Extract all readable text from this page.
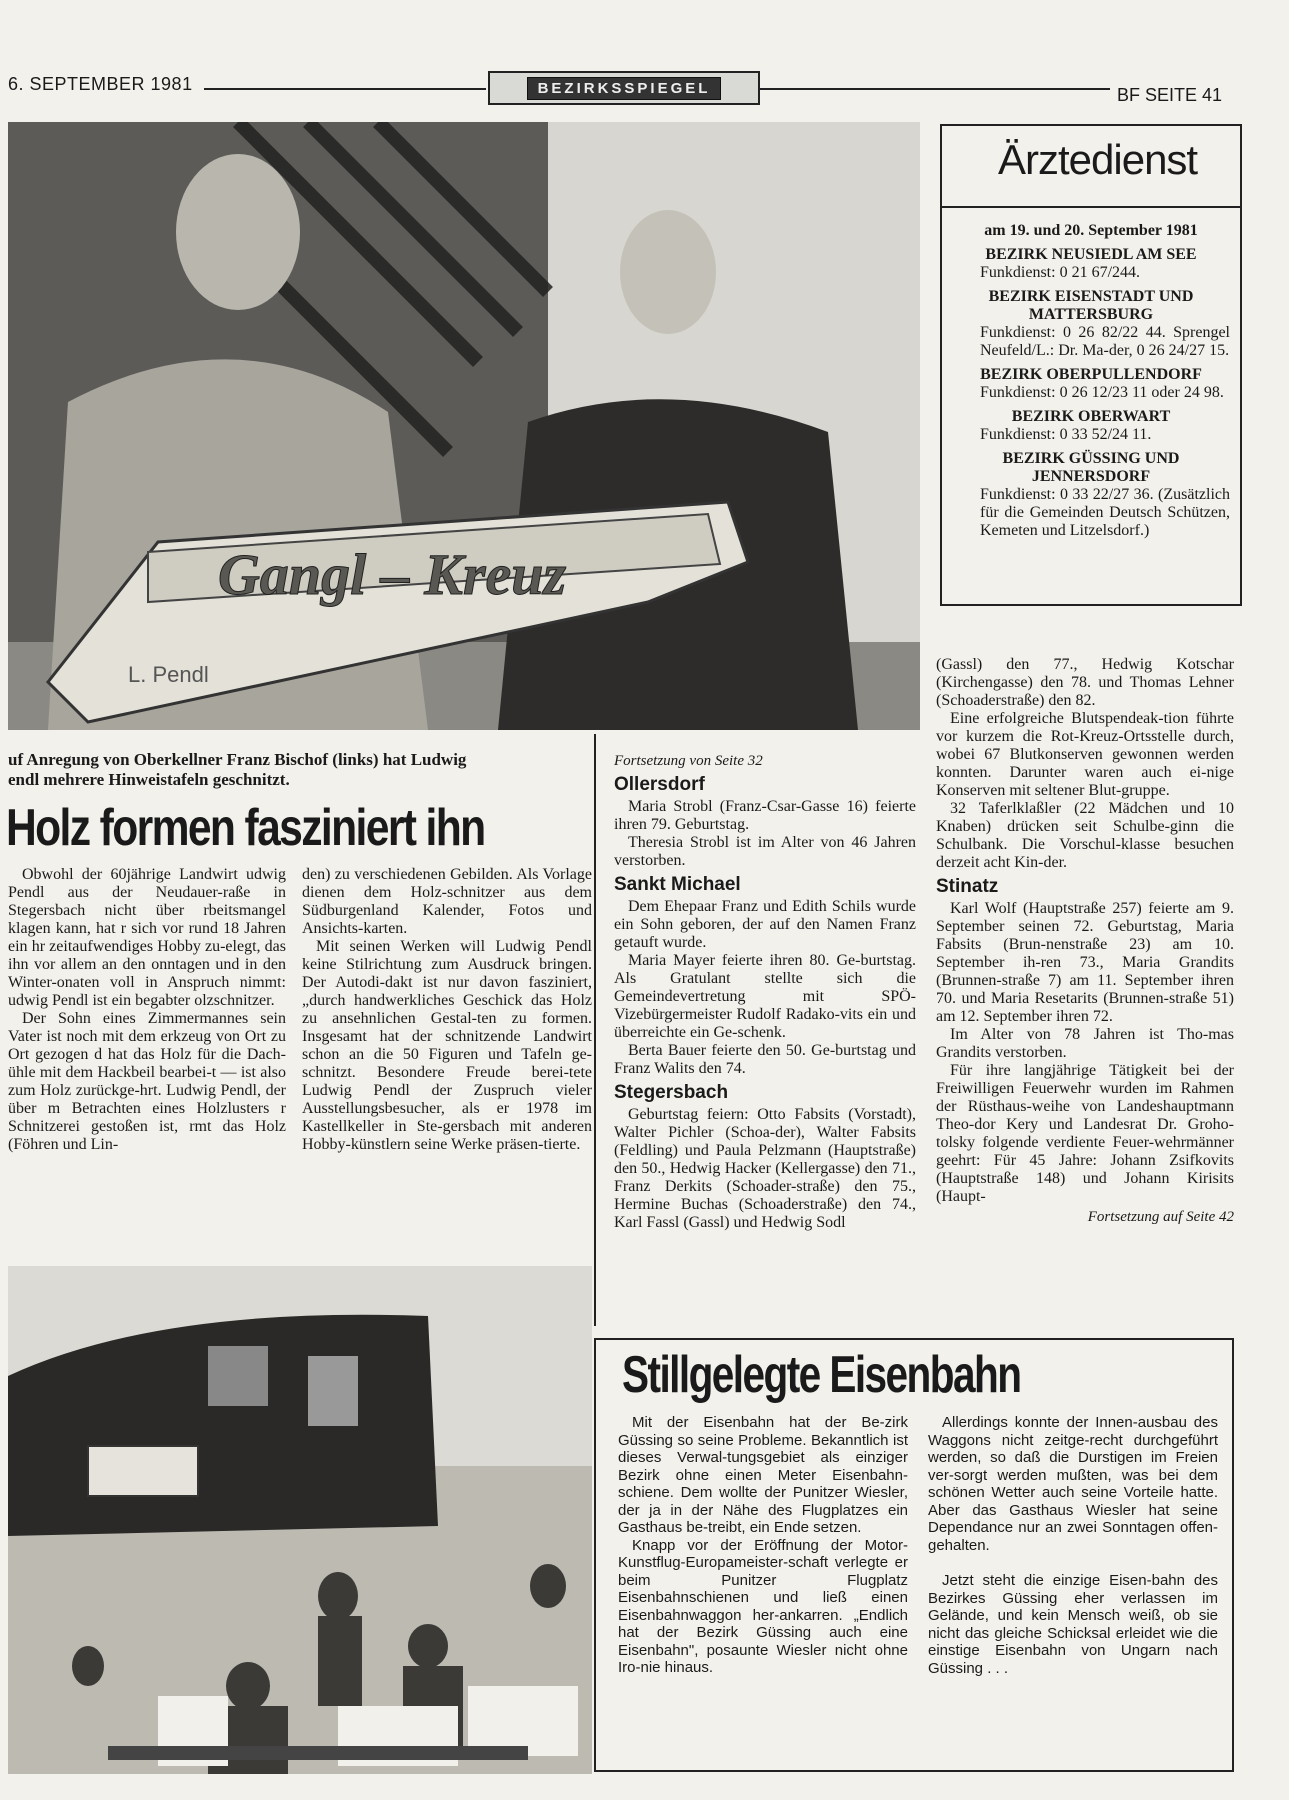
6. SEPTEMBER 1981	BEZIRKSSPIEGEL	BF SEITE 41
Gangl – Kreuz
L. Pendl
Ärztedienst
am 19. und 20. September 1981
BEZIRK NEUSIEDL AM SEE
Funkdienst: 0 21 67/244.
BEZIRK EISENSTADT UND MATTERSBURG
Funkdienst: 0 26 82/22 44. Sprengel Neufeld/L.: Dr. Ma-der, 0 26 24/27 15.
BEZIRK OBERPULLENDORF
Funkdienst: 0 26 12/23 11 oder 24 98.
BEZIRK OBERWART
Funkdienst: 0 33 52/24 11.
BEZIRK GÜSSING UND JENNERSDORF
Funkdienst: 0 33 22/27 36. (Zusätzlich für die Gemeinden Deutsch Schützen, Kemeten und Litzelsdorf.)
uf Anregung von Oberkellner Franz Bischof (links) hat Ludwig
endl mehrere Hinweistafeln geschnitzt.
Holz formen fasziniert ihn

Obwohl der 60jährige Landwirt udwig Pendl aus der Neudauer-raße in Stegersbach nicht über rbeitsmangel klagen kann, hat r sich vor rund 18 Jahren ein hr zeitaufwendiges Hobby zu-elegt, das ihn vor allem an den onntagen und in den Winter-onaten voll in Anspruch nimmt: udwig Pendl ist ein begabter olzschnitzer.

Der Sohn eines Zimmermannes sein Vater ist noch mit dem erkzeug von Ort zu Ort gezogen d hat das Holz für die Dach-ühle mit dem Hackbeil bearbei-t — ist also zum Holz zurückge-hrt. Ludwig Pendl, der über m Betrachten eines Holzlusters r Schnitzerei gestoßen ist, rmt das Holz (Föhren und Lin-

den) zu verschiedenen Gebilden. Als Vorlage dienen dem Holz-schnitzer aus dem Südburgenland Kalender, Fotos und Ansichts-karten.

Mit seinen Werken will Ludwig Pendl keine Stilrichtung zum Ausdruck bringen. Der Autodi-dakt ist nur davon fasziniert, „durch handwerkliches Geschick das Holz zu ansehnlichen Gestal-ten zu formen. Insgesamt hat der schnitzende Landwirt schon an die 50 Figuren und Tafeln ge-schnitzt. Besondere Freude berei-tete Ludwig Pendl der Zuspruch vieler Ausstellungsbesucher, als er 1978 im Kastellkeller in Ste-gersbach mit anderen Hobby-künstlern seine Werke präsen-tierte.

Fortsetzung von Seite 32
Ollersdorf

Maria Strobl (Franz-Csar-Gasse 16) feierte ihren 79. Geburtstag.

Theresia Strobl ist im Alter von 46 Jahren verstorben.

Sankt Michael

Dem Ehepaar Franz und Edith Schils wurde ein Sohn geboren, der auf den Namen Franz getauft wurde.

Maria Mayer feierte ihren 80. Ge-burtstag. Als Gratulant stellte sich die Gemeindevertretung mit SPÖ-Vizebürgermeister Rudolf Radako-vits ein und überreichte ein Ge-schenk.

Berta Bauer feierte den 50. Ge-burtstag und Franz Walits den 74.

Stegersbach

Geburtstag feiern: Otto Fabsits (Vorstadt), Walter Pichler (Schoa-der), Walter Fabsits (Feldling) und Paula Pelzmann (Hauptstraße) den 50., Hedwig Hacker (Kellergasse) den 71., Franz Derkits (Schoader-straße) den 75., Hermine Buchas (Schoaderstraße) den 74., Karl Fassl (Gassl) und Hedwig Sodl

(Gassl) den 77., Hedwig Kotschar (Kirchengasse) den 78. und Thomas Lehner (Schoaderstraße) den 82.

Eine erfolgreiche Blutspendeak-tion führte vor kurzem die Rot-Kreuz-Ortsstelle durch, wobei 67 Blutkonserven gewonnen werden konnten. Darunter waren auch ei-nige Konserven mit seltener Blut-gruppe.

32 Taferlklaßler (22 Mädchen und 10 Knaben) drücken seit Schulbe-ginn die Schulbank. Die Vorschul-klasse besuchen derzeit acht Kin-der.

Stinatz

Karl Wolf (Hauptstraße 257) feierte am 9. September seinen 72. Geburtstag, Maria Fabsits (Brun-nenstraße 23) am 10. September ih-ren 73., Maria Grandits (Brunnen-straße 7) am 11. September ihren 70. und Maria Resetarits (Brunnen-straße 51) am 12. September ihren 72.

Im Alter von 78 Jahren ist Tho-mas Grandits verstorben.

Für ihre langjährige Tätigkeit bei der Freiwilligen Feuerwehr wurden im Rahmen der Rüsthaus-weihe von Landeshauptmann Theo-dor Kery und Landesrat Dr. Groho-tolsky folgende verdiente Feuer-wehrmänner geehrt: Für 45 Jahre: Johann Zsifkovits (Hauptstraße 148) und Johann Kirisits (Haupt-

Fortsetzung auf Seite 42
Stillgelegte Eisenbahn

Mit der Eisenbahn hat der Be-zirk Güssing so seine Probleme. Bekanntlich ist dieses Verwal-tungsgebiet als einziger Bezirk ohne einen Meter Eisenbahn-schiene. Dem wollte der Punitzer Wiesler, der ja in der Nähe des Flugplatzes ein Gasthaus be-treibt, ein Ende setzen.

Knapp vor der Eröffnung der Motor-Kunstflug-Europameister-schaft verlegte er beim Punitzer Flugplatz Eisenbahnschienen und ließ einen Eisenbahnwaggon her-ankarren. „Endlich hat der Bezirk Güssing auch eine Eisenbahn", posaunte Wiesler nicht ohne Iro-nie hinaus.

Allerdings konnte der Innen-ausbau des Waggons nicht zeitge-recht durchgeführt werden, so daß die Durstigen im Freien ver-sorgt werden mußten, was bei dem schönen Wetter auch seine Vorteile hatte. Aber das Gasthaus Wiesler hat seine Dependance nur an zwei Sonntagen offen-gehalten.

Jetzt steht die einzige Eisen-bahn des Bezirkes Güssing eher verlassen im Gelände, und kein Mensch weiß, ob sie nicht das gleiche Schicksal erleidet wie die einstige Eisenbahn von Ungarn nach Güssing . . .
